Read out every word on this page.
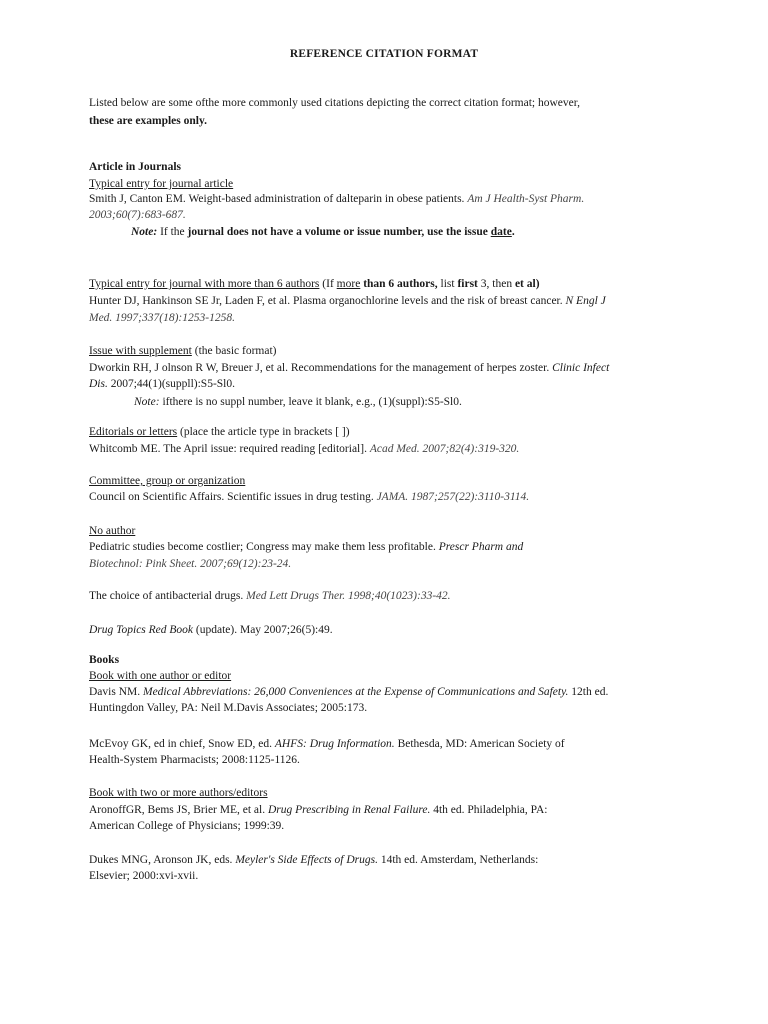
REFERENCE CITATION FORMAT
Listed below are some ofthe more commonly used citations depicting the correct citation format; however,
these are examples only.
Article in Journals
Typical entry for journal article
Smith J, Canton EM. Weight-based administration of dalteparin in obese patients. Am J Health-Syst Pharm.
2003;60(7):683-687.
Note: If the journal does not have a volume or issue number, use the issue date.
Typical entry for journal with more than 6 authors (If more than 6 authors, list first 3, then et al)
Hunter DJ, Hankinson SE Jr, Laden F, et al. Plasma organochlorine levels and the risk of breast cancer. N Engl J
Med. 1997;337(18):1253-1258.
Issue with supplement (the basic format)
Dworkin RH, J olnson R W, Breuer J, et al. Recommendations for the management of herpes zoster. Clinic Infect
Dis. 2007;44(1)(suppll):S5-Sl0.
Note: ifthere is no suppl number, leave it blank, e.g., (1)(suppl):S5-Sl0.
Editorials or letters (place the article type in brackets [ ])
Whitcomb ME. The April issue: required reading [editorial]. Acad Med. 2007;82(4):319-320.
Committee, group or organization
Council on Scientific Affairs. Scientific issues in drug testing. JAMA. 1987;257(22):3110-3114.
No author
Pediatric studies become costlier; Congress may make them less profitable. Prescr Pharm and
Biotechnol: Pink Sheet. 2007;69(12):23-24.
The choice of antibacterial drugs. Med Lett Drugs Ther. 1998;40(1023):33-42.
Drug Topics Red Book (update). May 2007;26(5):49.
Books
Book with one author or editor
Davis NM. Medical Abbreviations: 26,000 Conveniences at the Expense of Communications and Safety. 12th ed.
Huntingdon Valley, PA: Neil M.Davis Associates; 2005:173.
McEvoy GK, ed in chief, Snow ED, ed. AHFS: Drug Information. Bethesda, MD: American Society of
Health-System Pharmacists; 2008:1125-1126.
Book with two or more authors/editors
AronoffGR, Bems JS, Brier ME, et al. Drug Prescribing in Renal Failure. 4th ed. Philadelphia, PA:
American College of Physicians; 1999:39.
Dukes MNG, Aronson JK, eds. Meyler's Side Effects of Drugs. 14th ed. Amsterdam, Netherlands:
Elsevier; 2000:xvi-xvii.
